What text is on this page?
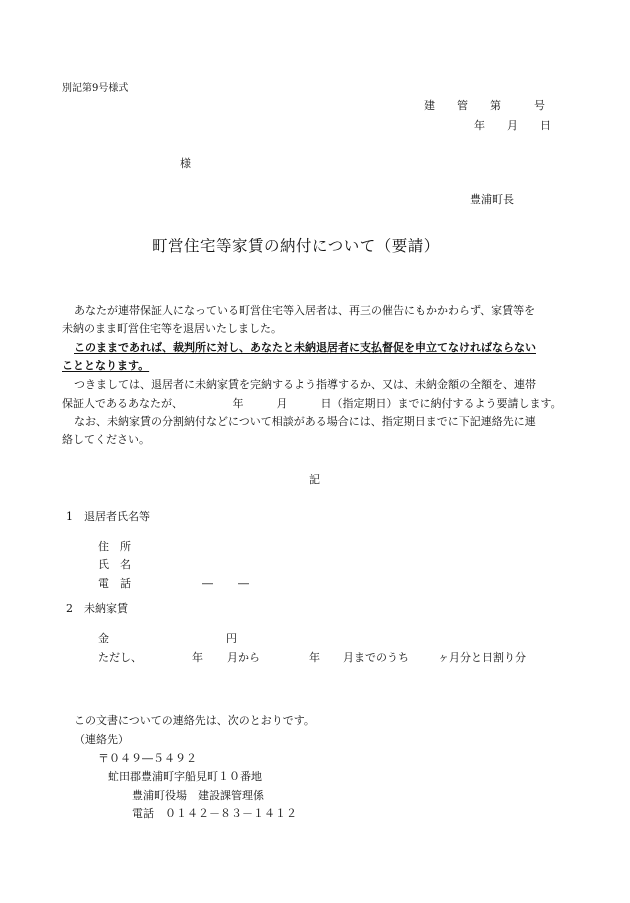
別記第9号様式

建　　管　　第　　　号

年　　月　　日

様

豊浦町長

町営住宅等家賃の納付について（要請）

あなたが連帯保証人になっている町営住宅等入居者は、再三の催告にもかかわらず、家賃等を

未納のまま町営住宅等を退居いたしました。

このままであれば、裁判所に対し、あなたと未納退居者に支払督促を申立てなければならない

こととなります。

つきましては、退居者に未納家賃を完納するよう指導するか、又は、未納金額の全額を、連帯

保証人であるあなたが、　　　　　年　　　月　　　日（指定期日）までに納付するよう要請します。

なお、未納家賃の分割納付などについて相談がある場合には、指定期日までに下記連絡先に連

絡してください。

記

1　退居者氏名等

住　所

氏　名

電　話	― ―

2　未納家賃

金	円

ただし、	年 月から	年 月までのうち	ヶ月分と日割り分

この文書についての連絡先は、次のとおりです。

（連絡先）

〒０４９―５４９２

虻田郡豊浦町字船見町１０番地

豊浦町役場　建設課管理係

電話　０１４２－８３－１４１２
